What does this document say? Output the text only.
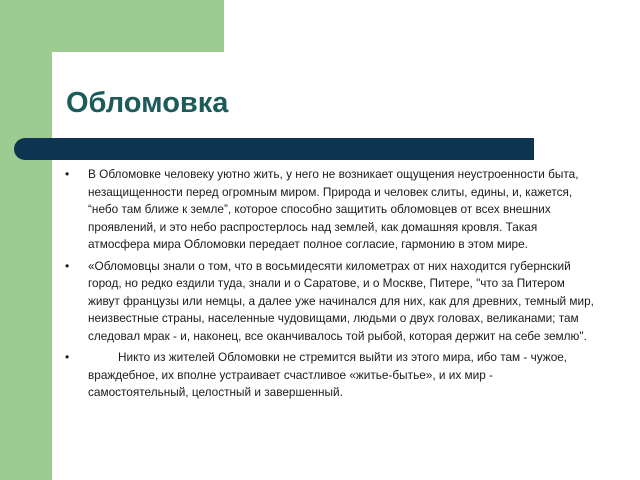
Обломовка
• В Обломовке человеку уютно жить, у него не возникает ощущения неустроенности быта, незащищенности перед огромным миром. Природа и человек слиты, едины, и, кажется, “небо там ближе к земле”, которое способно защитить обломовцев от всех внешних проявлений, и это небо распростерлось над землей, как домашняя кровля. Такая атмосфера мира Обломовки передает полное согласие, гармонию в этом мире.
• «Обломовцы знали о том, что в восьмидесяти километрах от них находится губернский город, но редко ездили туда, знали и о Саратове, и о Москве, Питере, "что за Питером живут французы или немцы, а далее уже начинался для них, как для древних, темный мир, неизвестные страны, населенные чудовищами, людьми о двух головах, великанами; там следовал мрак - и, наконец, все оканчивалось той рыбой, которая держит на себе землю".
•	Никто из жителей Обломовки не стремится выйти из этого мира, ибо там - чужое, враждебное, их вполне устраивает счастливое «житье-бытье», и их мир - самостоятельный, целостный и завершенный.
